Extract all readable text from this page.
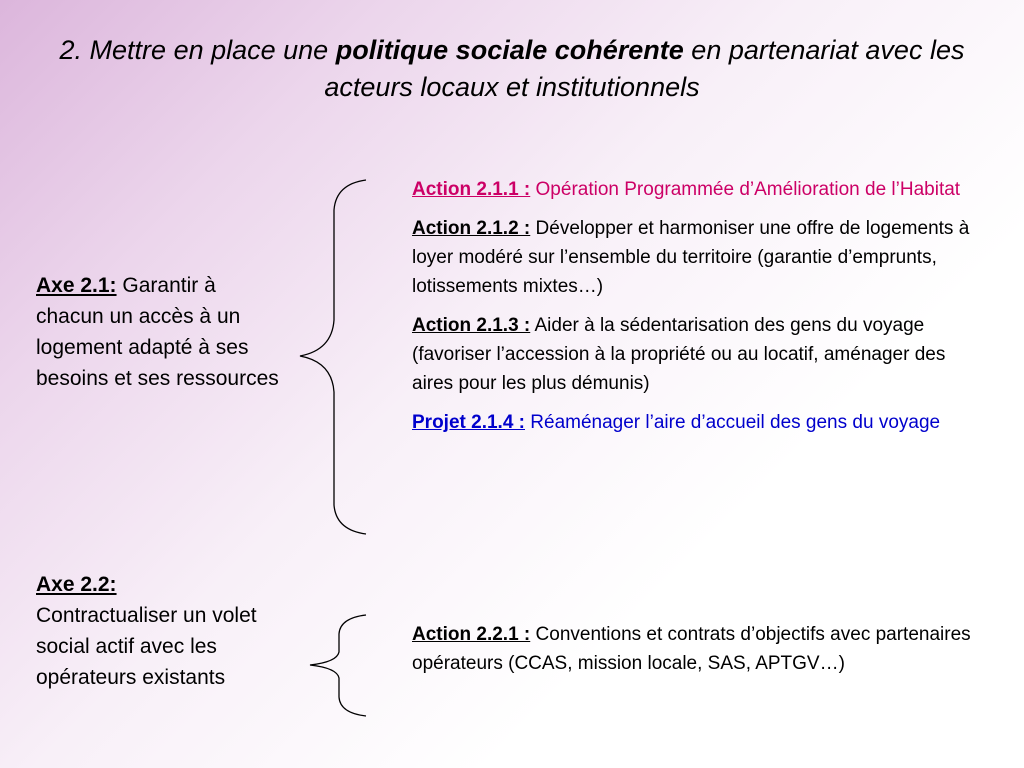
2. Mettre en place une politique sociale cohérente en partenariat avec les acteurs locaux et institutionnels
Axe 2.1: Garantir à chacun un accès à un logement adapté à ses besoins et ses ressources
Axe 2.2:
Contractualiser un volet social actif avec les opérateurs existants

Action 2.1.1 : Opération Programmée d’Amélioration de l’Habitat

Action 2.1.2 : Développer et harmoniser une offre de logements à loyer modéré sur l’ensemble du territoire (garantie d’emprunts, lotissements mixtes…)

Action 2.1.3 : Aider à la sédentarisation des gens du voyage (favoriser l’accession à la propriété ou au locatif, aménager des aires pour les plus démunis)

Projet 2.1.4 : Réaménager l’aire d’accueil des gens du voyage

Action 2.2.1 : Conventions et contrats d’objectifs avec partenaires opérateurs (CCAS, mission locale, SAS, APTGV…)
